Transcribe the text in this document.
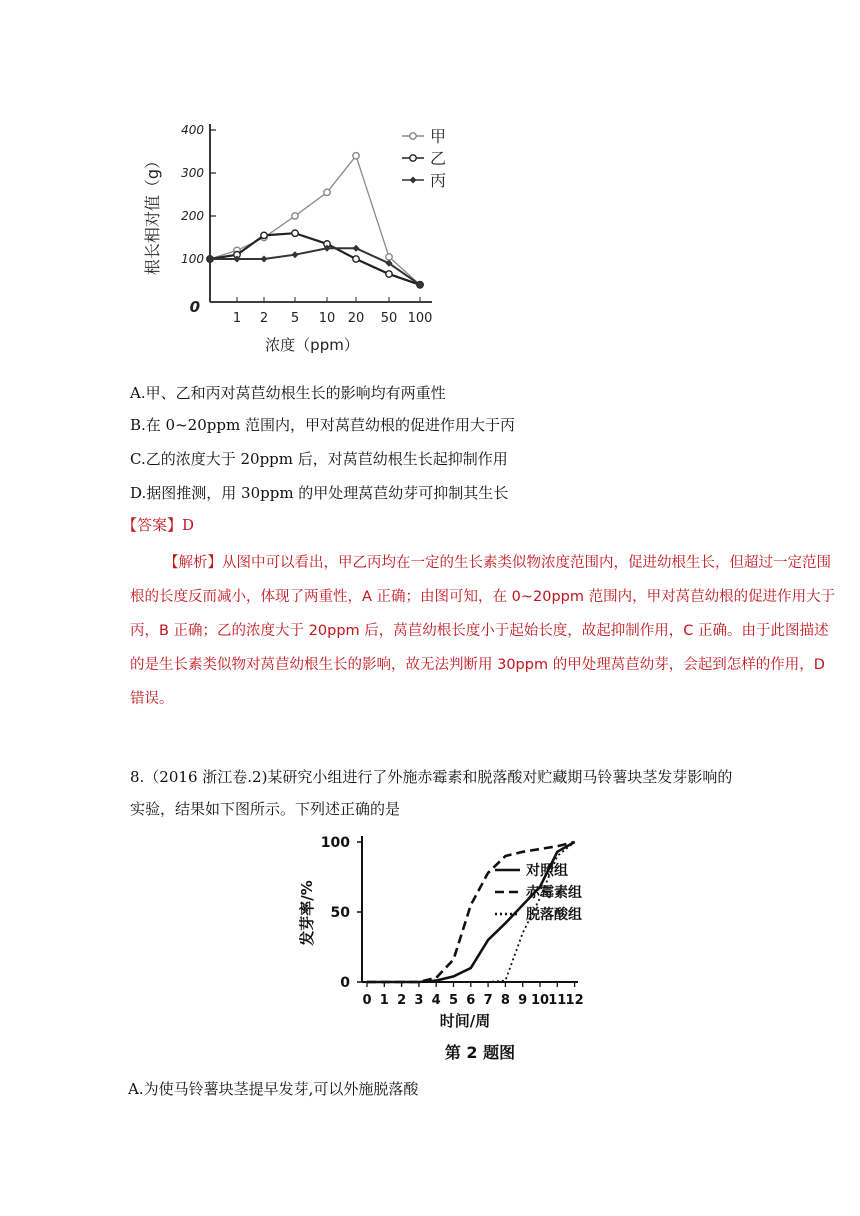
100
200
300
400
0
1 2 5 10 20 50 100
浓度（ppm）
根长相对值（g）
甲
乙
丙
A.甲、乙和丙对莴苣幼根生长的影响均有两重性
B.在 0~20ppm 范围内，甲对莴苣幼根的促进作用大于丙
C.乙的浓度大于 20ppm 后，对莴苣幼根生长起抑制作用
D.据图推测，用 30ppm 的甲处理莴苣幼芽可抑制其生长
【答案】D
【解析】从图中可以看出，甲乙丙均在一定的生长素类似物浓度范围内，促进幼根生长，但超过一定范围根的长度反而减小，体现了两重性，A 正确；由图可知，在 0~20ppm 范围内，甲对莴苣幼根的促进作用大于丙，B 正确；乙的浓度大于 20ppm 后，莴苣幼根长度小于起始长度，故起抑制作用，C 正确。由于此图描述的是生长素类似物对莴苣幼根生长的影响，故无法判断用 30ppm 的甲处理莴苣幼芽，会起到怎样的作用，D 错误。
8.（2016 浙江卷.2)某研究小组进行了外施赤霉素和脱落酸对贮藏期马铃薯块茎发芽影响的
实验，结果如下图所示。下列述正确的是
0
50
100
0 1 2 3 4 5 6 7 8 9 10 11 12
时间/周
发芽率/%
第 2 题图
对照组
赤霉素组
脱落酸组
A.为使马铃薯块茎提早发芽,可以外施脱落酸
